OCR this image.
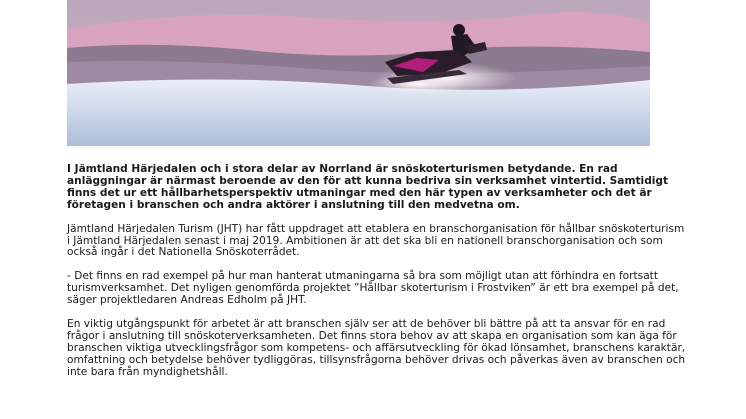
I Jämtland Härjedalen och i stora delar av Norrland är snöskoterturismen betydande. En rad anläggningar är närmast beroende av den för att kunna bedriva sin verksamhet vintertid. Samtidigt finns det ur ett hållbarhetsperspektiv utmaningar med den här typen av verksamheter och det är företagen i branschen och andra aktörer i anslutning till den medvetna om.

Jämtland Härjedalen Turism (JHT) har fått uppdraget att etablera en branschorganisation för hållbar snöskoterturism i Jämtland Härjedalen senast i maj 2019. Ambitionen är att det ska bli en nationell branschorganisation och som också ingår i det Nationella Snöskoterrådet.

- Det finns en rad exempel på hur man hanterat utmaningarna så bra som möjligt utan att förhindra en fortsatt turismverksamhet. Det nyligen genomförda projektet ”Hållbar skoterturism i Frostviken” är ett bra exempel på det, säger projektledaren Andreas Edholm på JHT.

En viktig utgångspunkt för arbetet är att branschen själv ser att de behöver bli bättre på att ta ansvar för en rad frågor i anslutning till snöskoterverksamheten. Det finns stora behov av att skapa en organisation som kan äga för branschen viktiga utvecklingsfrågor som kompetens- och affärsutveckling för ökad lönsamhet, branschens karaktär, omfattning och betydelse behöver tydliggöras, tillsynsfrågorna behöver drivas och påverkas även av branschen och inte bara från myndighetshåll.
